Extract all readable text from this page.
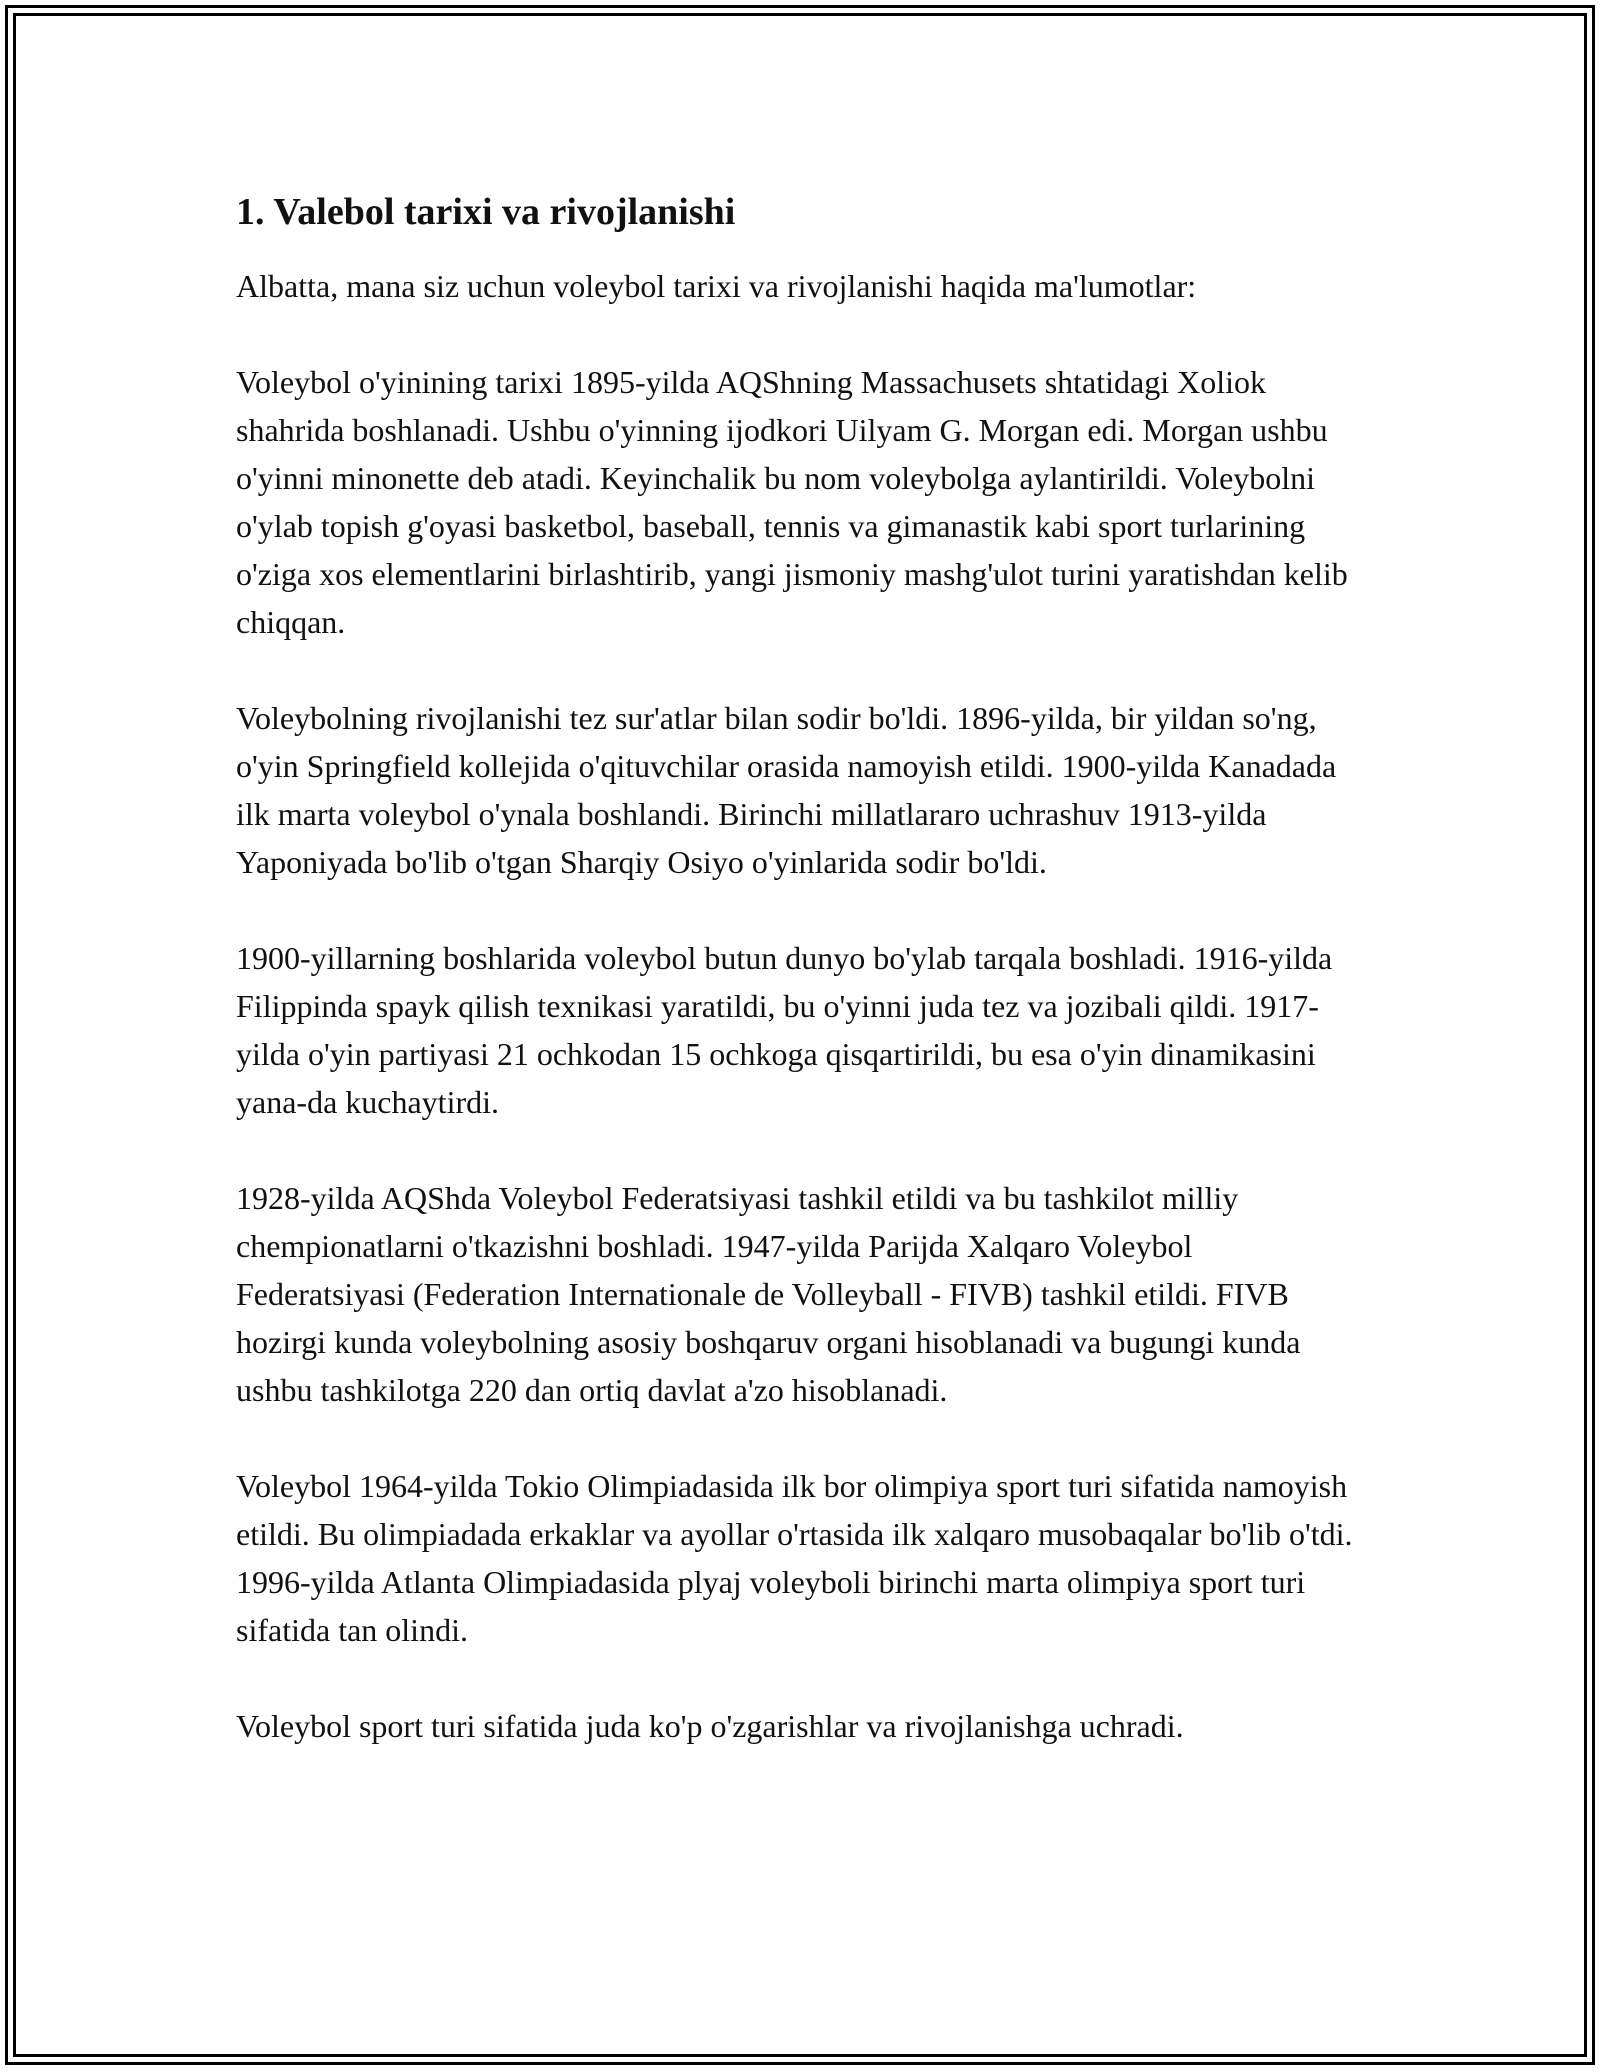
1. Valebol tarixi va rivojlanishi

Albatta, mana siz uchun voleybol tarixi va rivojlanishi haqida ma'lumotlar:

Voleybol o'yinining tarixi 1895-yilda AQShning Massachusets shtatidagi Xoliok shahrida boshlanadi. Ushbu o'yinning ijodkori Uilyam G. Morgan edi. Morgan ushbu o'yinni minonette deb atadi. Keyinchalik bu nom voleybolga aylantirildi. Voleybolni o'ylab topish g'oyasi basketbol, baseball, tennis va gimanastik kabi sport turlarining o'ziga xos elementlarini birlashtirib, yangi jismoniy mashg'ulot turini yaratishdan kelib chiqqan.

Voleybolning rivojlanishi tez sur'atlar bilan sodir bo'ldi. 1896-yilda, bir yildan so'ng, o'yin Springfield kollejida o'qituvchilar orasida namoyish etildi. 1900-yilda Kanadada ilk marta voleybol o'ynala boshlandi. Birinchi millatlararo uchrashuv 1913-yilda Yaponiyada bo'lib o'tgan Sharqiy Osiyo o'yinlarida sodir bo'ldi.

1900-yillarning boshlarida voleybol butun dunyo bo'ylab tarqala boshladi. 1916-yilda Filippinda spayk qilish texnikasi yaratildi, bu o'yinni juda tez va jozibali qildi. 1917-yilda o'yin partiyasi 21 ochkodan 15 ochkoga qisqartirildi, bu esa o'yin dinamikasini yana-da kuchaytirdi.

1928-yilda AQShda Voleybol Federatsiyasi tashkil etildi va bu tashkilot milliy chempionatlarni o'tkazishni boshladi. 1947-yilda Parijda Xalqaro Voleybol Federatsiyasi (Federation Internationale de Volleyball - FIVB) tashkil etildi. FIVB hozirgi kunda voleybolning asosiy boshqaruv organi hisoblanadi va bugungi kunda ushbu tashkilotga 220 dan ortiq davlat a'zo hisoblanadi.

Voleybol 1964-yilda Tokio Olimpiadasida ilk bor olimpiya sport turi sifatida namoyish etildi. Bu olimpiadada erkaklar va ayollar o'rtasida ilk xalqaro musobaqalar bo'lib o'tdi. 1996-yilda Atlanta Olimpiadasida plyaj voleyboli birinchi marta olimpiya sport turi sifatida tan olindi.

Voleybol sport turi sifatida juda ko'p o'zgarishlar va rivojlanishga uchradi.
